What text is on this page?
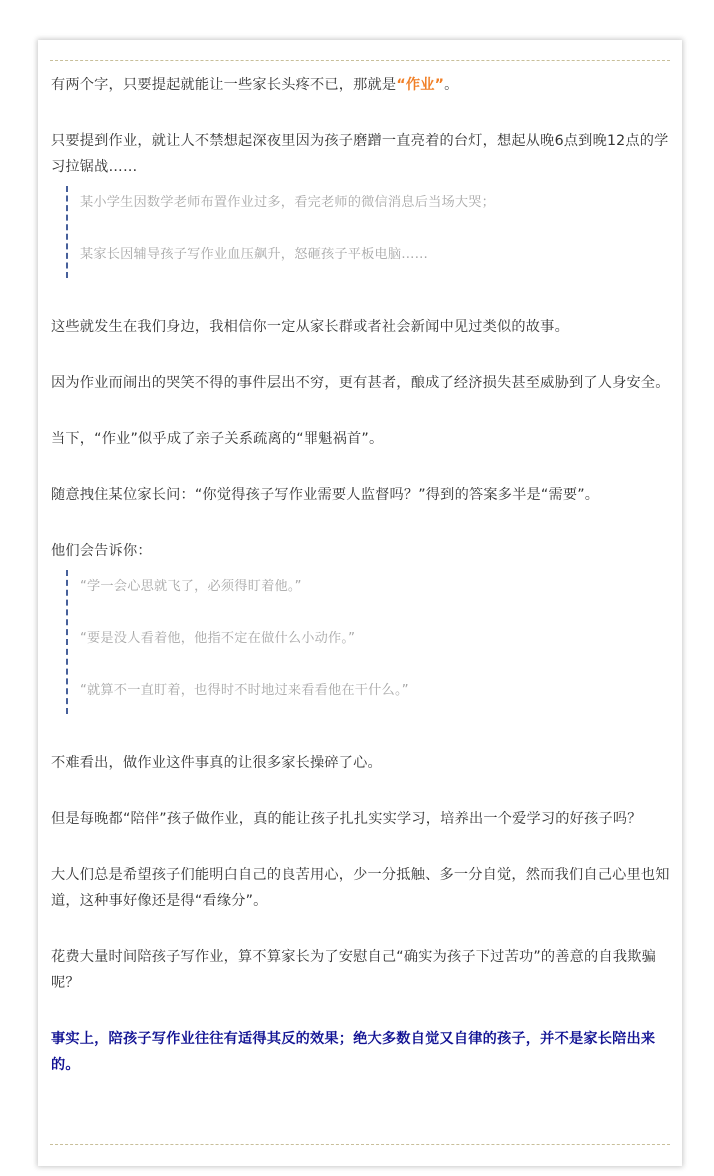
有两个字，只要提起就能让一些家长头疼不已，那就是“作业”。

只要提到作业，就让人不禁想起深夜里因为孩子磨蹭一直亮着的台灯，想起从晚6点到晚12点的学习拉锯战……

某小学生因数学老师布置作业过多，看完老师的微信消息后当场大哭；

某家长因辅导孩子写作业血压飙升，怒砸孩子平板电脑……

这些就发生在我们身边，我相信你一定从家长群或者社会新闻中见过类似的故事。

因为作业而闹出的哭笑不得的事件层出不穷，更有甚者，酿成了经济损失甚至威胁到了人身安全。

当下，“作业”似乎成了亲子关系疏离的“罪魁祸首”。

随意拽住某位家长问：“你觉得孩子写作业需要人监督吗？”得到的答案多半是“需要”。

他们会告诉你：

“学一会心思就飞了，必须得盯着他。”

“要是没人看着他，他指不定在做什么小动作。”

“就算不一直盯着，也得时不时地过来看看他在干什么。”

不难看出，做作业这件事真的让很多家长操碎了心。

但是每晚都“陪伴”孩子做作业，真的能让孩子扎扎实实学习，培养出一个爱学习的好孩子吗？

大人们总是希望孩子们能明白自己的良苦用心，少一分抵触、多一分自觉，然而我们自己心里也知道，这种事好像还是得“看缘分”。

花费大量时间陪孩子写作业，算不算家长为了安慰自己“确实为孩子下过苦功”的善意的自我欺骗呢？

事实上，陪孩子写作业往往有适得其反的效果；绝大多数自觉又自律的孩子，并不是家长陪出来的。
